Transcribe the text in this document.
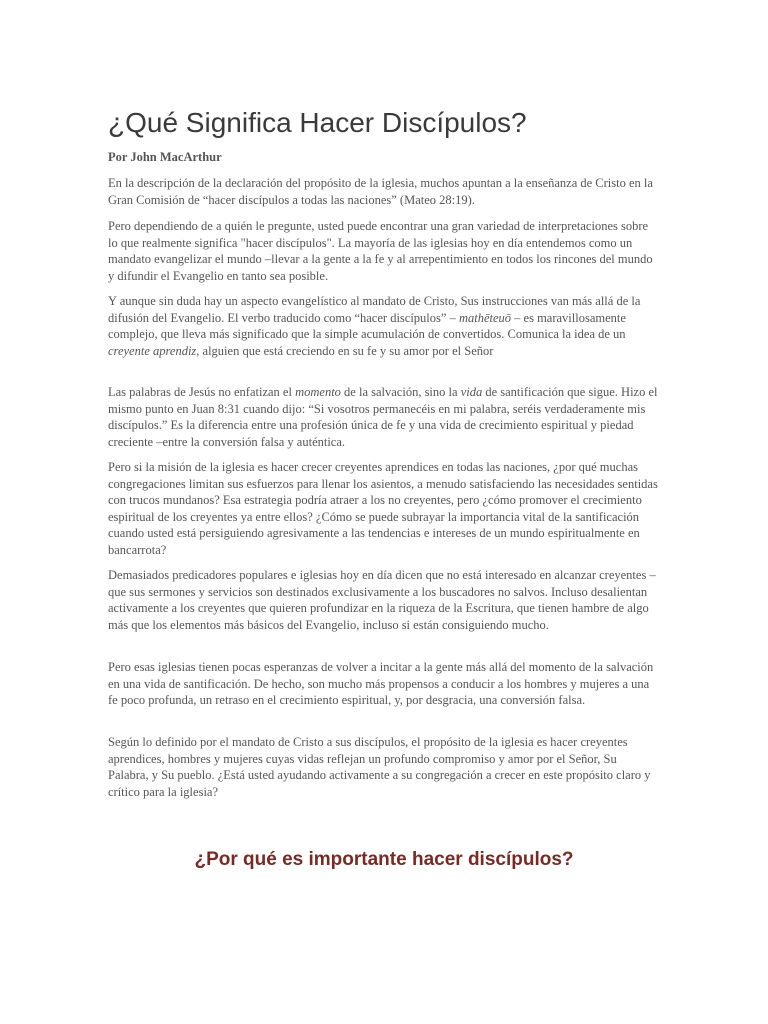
¿Qué Significa Hacer Discípulos?

Por John MacArthur

En la descripción de la declaración del propósito de la iglesia, muchos apuntan a la enseñanza de Cristo en la Gran Comisión de “hacer discípulos a todas las naciones” (Mateo 28:19).

Pero dependiendo de a quién le pregunte, usted puede encontrar una gran variedad de interpretaciones sobre lo que realmente significa "hacer discípulos". La mayoría de las iglesias hoy en día entendemos como un mandato evangelizar el mundo –llevar a la gente a la fe y al arrepentimiento en todos los rincones del mundo y difundir el Evangelio en tanto sea posible.

Y aunque sin duda hay un aspecto evangelístico al mandato de Cristo, Sus instrucciones van más allá de la difusión del Evangelio. El verbo traducido como “hacer discípulos” – mathēteuō – es maravillosamente complejo, que lleva más significado que la simple acumulación de convertidos. Comunica la idea de un creyente aprendiz, alguien que está creciendo en su fe y su amor por el Señor

Las palabras de Jesús no enfatizan el momento de la salvación, sino la vida de santificación que sigue. Hizo el mismo punto en Juan 8:31 cuando dijo: “Si vosotros permanecéis en mi palabra, seréis verdaderamente mis discípulos.” Es la diferencia entre una profesión única de fe y una vida de crecimiento espiritual y piedad creciente –entre la conversión falsa y auténtica.

Pero si la misión de la iglesia es hacer crecer creyentes aprendices en todas las naciones, ¿por qué muchas congregaciones limitan sus esfuerzos para llenar los asientos, a menudo satisfaciendo las necesidades sentidas con trucos mundanos? Esa estrategia podría atraer a los no creyentes, pero ¿cómo promover el crecimiento espiritual de los creyentes ya entre ellos? ¿Cómo se puede subrayar la importancia vital de la santificación cuando usted está persiguiendo agresivamente a las tendencias e intereses de un mundo espiritualmente en bancarrota?

Demasiados predicadores populares e iglesias hoy en día dicen que no está interesado en alcanzar creyentes –que sus sermones y servicios son destinados exclusivamente a los buscadores no salvos. Incluso desalientan activamente a los creyentes que quieren profundizar en la riqueza de la Escritura, que tienen hambre de algo más que los elementos más básicos del Evangelio, incluso si están consiguiendo mucho.

Pero esas iglesias tienen pocas esperanzas de volver a incitar a la gente más allá del momento de la salvación en una vida de santificación. De hecho, son mucho más propensos a conducir a los hombres y mujeres a una fe poco profunda, un retraso en el crecimiento espiritual, y, por desgracia, una conversión falsa.

Según lo definido por el mandato de Cristo a sus discípulos, el propósito de la iglesia es hacer creyentes aprendices, hombres y mujeres cuyas vidas reflejan un profundo compromiso y amor por el Señor, Su Palabra, y Su pueblo. ¿Está usted ayudando activamente a su congregación a crecer en este propósito claro y crítico para la iglesia?

¿Por qué es importante hacer discípulos?
